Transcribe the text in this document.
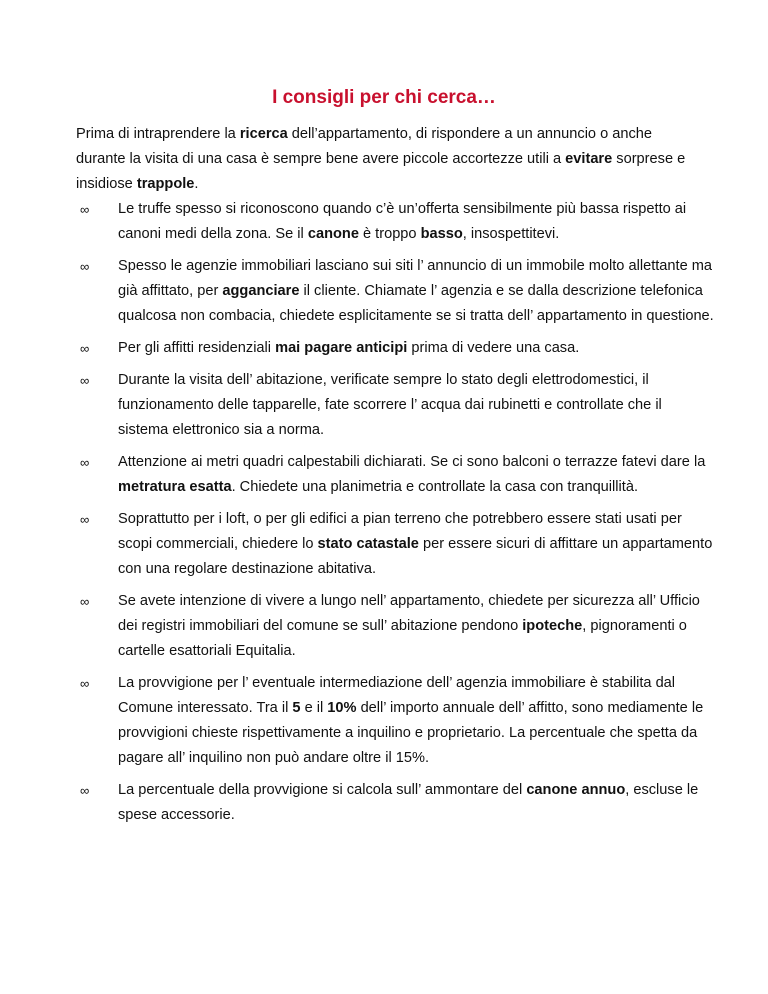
I consigli per chi cerca…

Prima di intraprendere la ricerca dell’appartamento, di rispondere a un annuncio o anche durante la visita di una casa è sempre bene avere piccole accortezze utili a evitare sorprese e insidiose trappole.

∞ Le truffe spesso si riconoscono quando c’è un’offerta sensibilmente più bassa rispetto ai canoni medi della zona. Se il canone è troppo basso, insospettitevi.
∞ Spesso le agenzie immobiliari lasciano sui siti l’ annuncio di un immobile molto allettante ma già affittato, per agganciare il cliente. Chiamate l’ agenzia e se dalla descrizione telefonica qualcosa non combacia, chiedete esplicitamente se si tratta dell’ appartamento in questione.
∞ Per gli affitti residenziali mai pagare anticipi prima di vedere una casa.
∞ Durante la visita dell’ abitazione, verificate sempre lo stato degli elettrodomestici, il funzionamento delle tapparelle, fate scorrere l’ acqua dai rubinetti e controllate che il sistema elettronico sia a norma.
∞ Attenzione ai metri quadri calpestabili dichiarati. Se ci sono balconi o terrazze fatevi dare la metratura esatta. Chiedete una planimetria e controllate la casa con tranquillità.
∞ Soprattutto per i loft, o per gli edifici a pian terreno che potrebbero essere stati usati per scopi commerciali, chiedere lo stato catastale per essere sicuri di affittare un appartamento con una regolare destinazione abitativa.
∞ Se avete intenzione di vivere a lungo nell’ appartamento, chiedete per sicurezza all’ Ufficio dei registri immobiliari del comune se sull’ abitazione pendono ipoteche, pignoramenti o cartelle esattoriali Equitalia.
∞ La provvigione per l’ eventuale intermediazione dell’ agenzia immobiliare è stabilita dal Comune interessato. Tra il 5 e il 10% dell’ importo annuale dell’ affitto, sono mediamente le provvigioni chieste rispettivamente a inquilino e proprietario. La percentuale che spetta da pagare all’ inquilino non può andare oltre il 15%.
∞ La percentuale della provvigione si calcola sull’ ammontare del canone annuo, escluse le spese accessorie.
